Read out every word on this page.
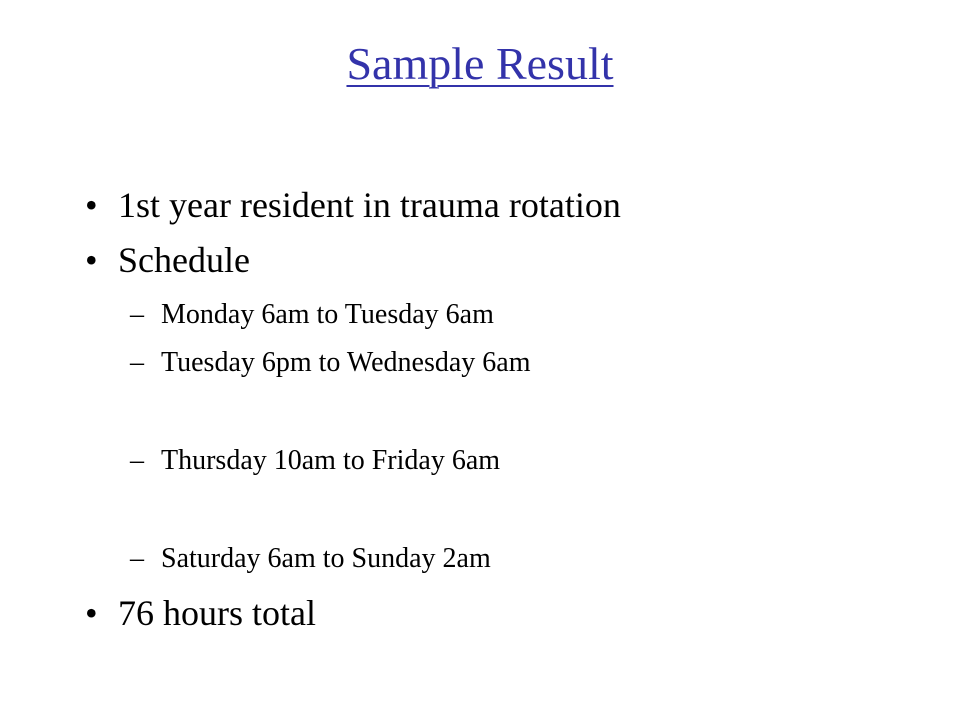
Sample Result
• 1st year resident in trauma rotation
• Schedule
– Monday 6am to Tuesday 6am
– Tuesday 6pm to Wednesday 6am
– Thursday 10am to Friday 6am
– Saturday 6am to Sunday 2am
• 76 hours total
